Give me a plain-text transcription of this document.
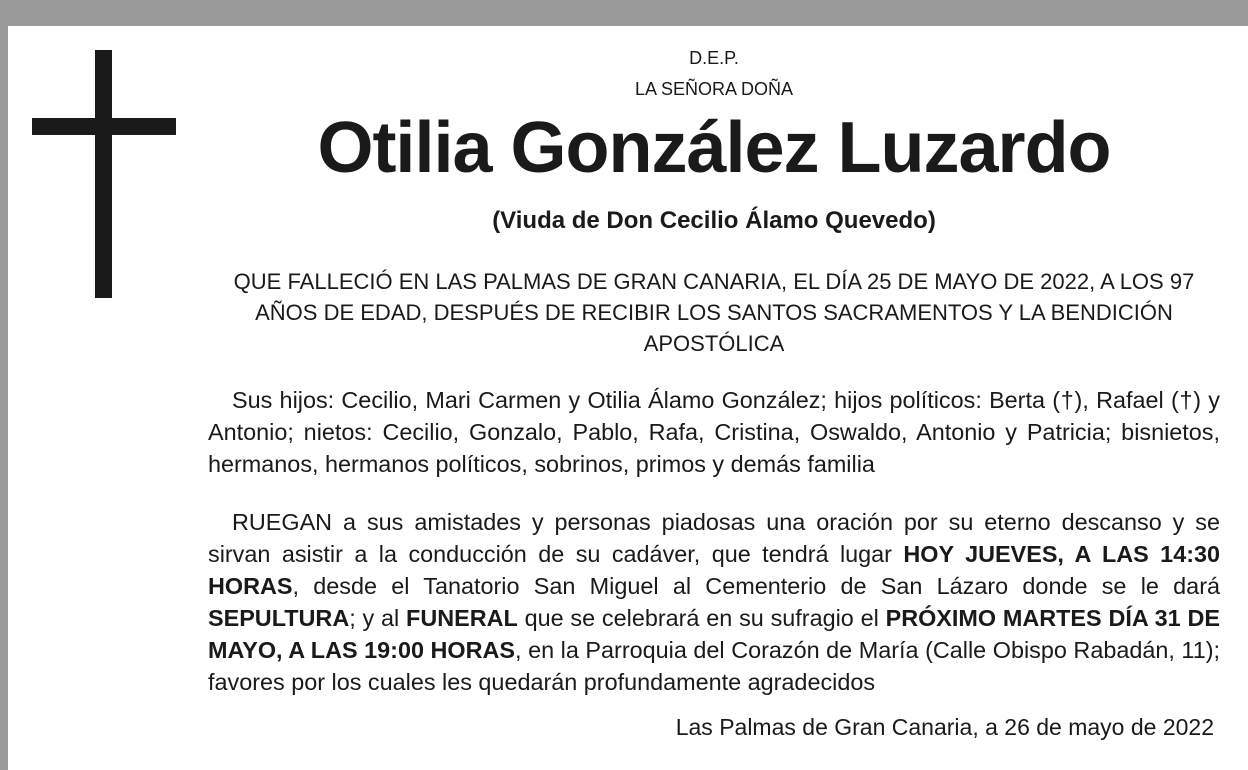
D.E.P.
LA SEÑORA DOÑA
Otilia González Luzardo
(Viuda de Don Cecilio Álamo Quevedo)
QUE FALLECIÓ EN LAS PALMAS DE GRAN CANARIA, EL DÍA 25 DE MAYO DE 2022, A LOS 97 AÑOS DE EDAD, DESPUÉS DE RECIBIR LOS SANTOS SACRAMENTOS Y LA BENDICIÓN APOSTÓLICA
Sus hijos: Cecilio, Mari Carmen y Otilia Álamo González; hijos políticos: Berta (†), Rafael (†) y Antonio; nietos: Cecilio, Gonzalo, Pablo, Rafa, Cristina, Oswaldo, Antonio y Patricia; bisnietos, hermanos, hermanos políticos, sobrinos, primos y demás familia
RUEGAN a sus amistades y personas piadosas una oración por su eterno descanso y se sirvan asistir a la conducción de su cadáver, que tendrá lugar HOY JUEVES, A LAS 14:30 HORAS, desde el Tanatorio San Miguel al Cementerio de San Lázaro donde se le dará SEPULTURA; y al FUNERAL que se celebrará en su sufragio el PRÓXIMO MARTES DÍA 31 DE MAYO, A LAS 19:00 HORAS, en la Parroquia del Corazón de María (Calle Obispo Rabadán, 11); favores por los cuales les quedarán profundamente agradecidos
Las Palmas de Gran Canaria, a 26 de mayo de 2022
